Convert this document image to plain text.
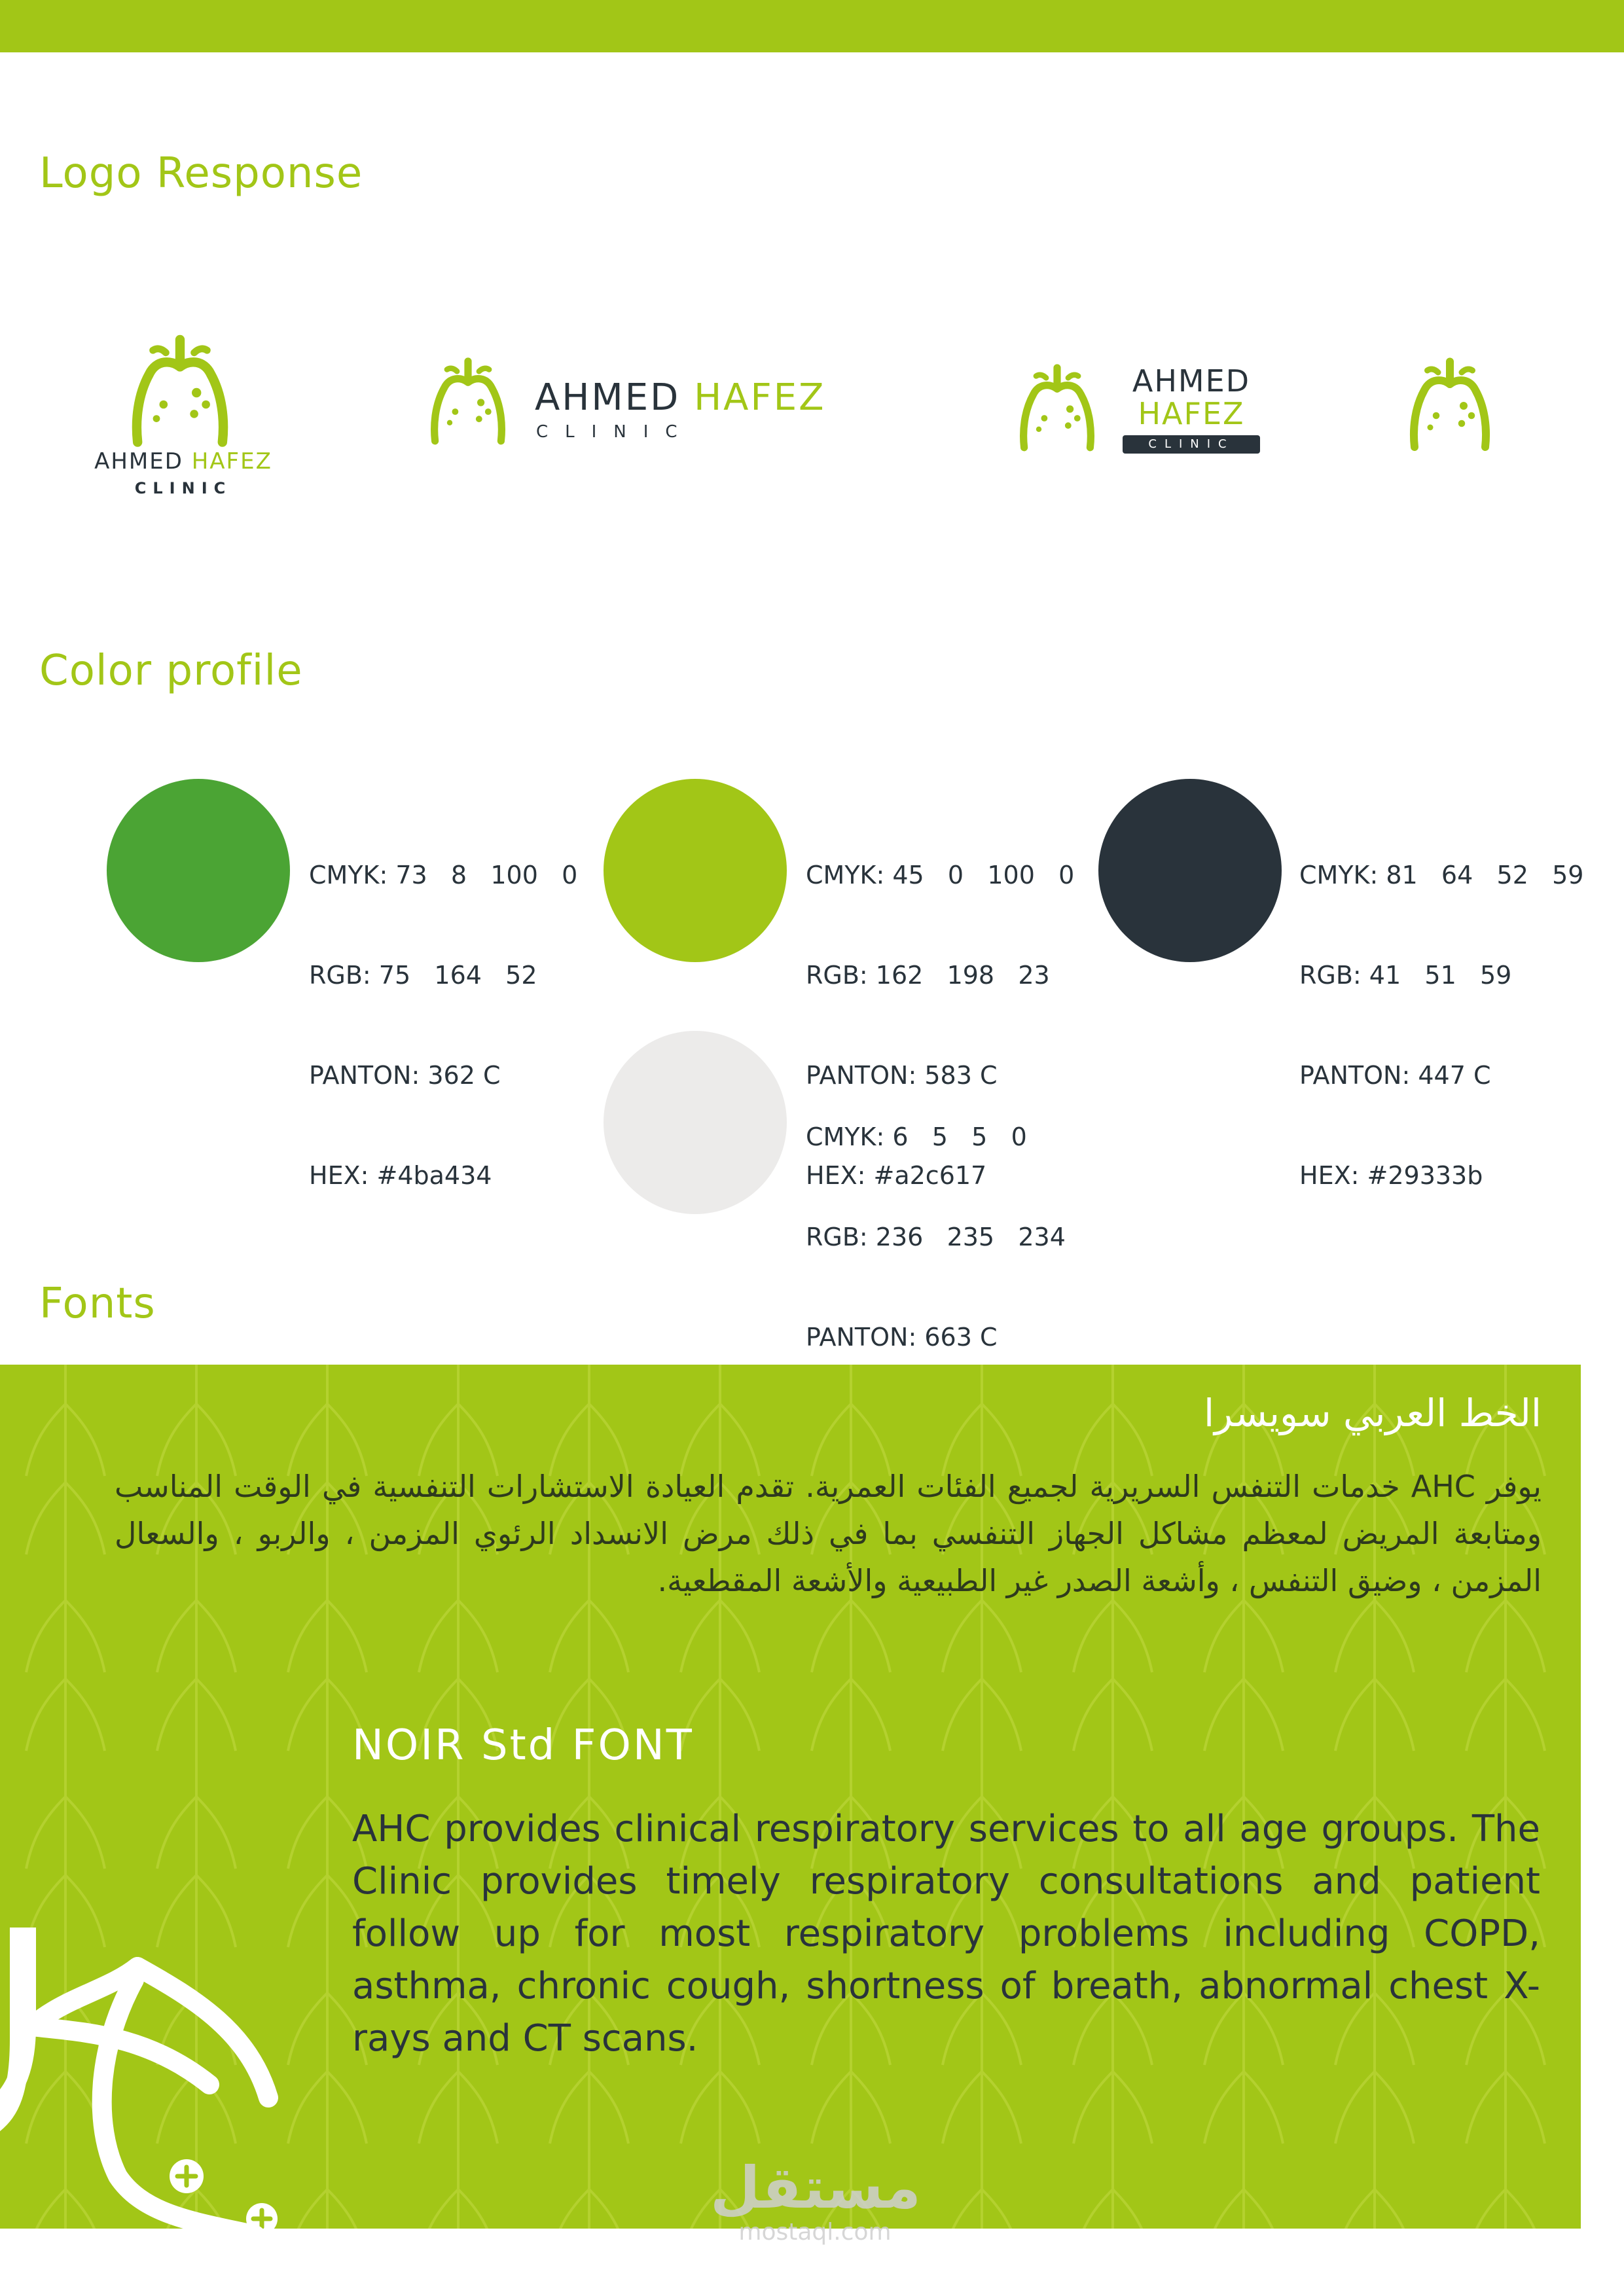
Logo Response
AHMED HAFEZ
CLINIC
AHMED HAFEZ
CLINIC
AHMED
HAFEZ
CLINIC
Color profile

CMYK: 73   8   100   0

RGB: 75   164   52

PANTON: 362 C

HEX: #4ba434

CMYK: 45   0   100   0

RGB: 162   198   23

PANTON: 583 C

HEX: #a2c617

CMYK: 81   64   52   59

RGB: 41   51   59

PANTON: 447 C

HEX: #29333b

CMYK: 6   5   5   0

RGB: 236   235   234

PANTON: 663 C

Fonts
الخط العربي سويسرا

يوفر AHC خدمات التنفس السريرية لجميع الفئات العمرية. تقدم العيادة الاستشارات التنفسية في الوقت المناسب ومتابعة المريض لمعظم مشاكل الجهاز التنفسي بما في ذلك مرض الانسداد الرئوي المزمن ، والربو ، والسعال المزمن ، وضيق التنفس ، وأشعة الصدر غير الطبيعية والأشعة المقطعية.

NOIR Std FONT

AHC provides clinical respiratory services to all age groups. The Clinic provides timely respiratory consultations and patient follow up for most respiratory problems including COPD, asthma, chronic cough, shortness of breath, abnormal chest X-rays and CT scans.

مستقل
mostaql.com
